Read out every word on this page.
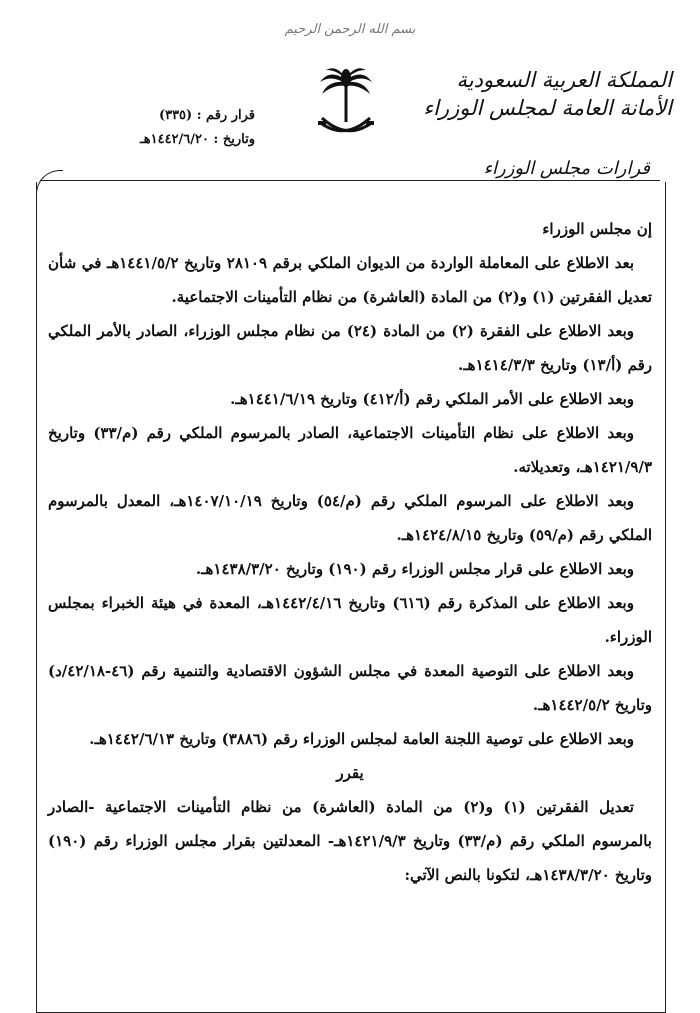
بسم الله الرحمن الرحيم
قرار رقم : (٣٣٥)
وتاريخ : ١٤٤٢/٦/٢٠هـ
المملكة العربية السعودية
الأمانة العامة لمجلس الوزراء
قرارات مجلس الوزراء

إن مجلس الوزراء

بعد الاطلاع على المعاملة الواردة من الديوان الملكي برقم ٢٨١٠٩ وتاريخ ١٤٤١/٥/٢هـ في شأن تعديل الفقرتين (١) و(٢) من المادة (العاشرة) من نظام التأمينات الاجتماعية.

وبعد الاطلاع على الفقرة (٢) من المادة (٢٤) من نظام مجلس الوزراء، الصادر بالأمر الملكي رقم (أ/١٣) وتاريخ ١٤١٤/٣/٣هـ.

وبعد الاطلاع على الأمر الملكي رقم (أ/٤١٢) وتاريخ ١٤٤١/٦/١٩هـ.

وبعد الاطلاع على نظام التأمينات الاجتماعية، الصادر بالمرسوم الملكي رقم (م/٣٣) وتاريخ ١٤٢١/٩/٣هـ، وتعديلاته.

وبعد الاطلاع على المرسوم الملكي رقم (م/٥٤) وتاريخ ١٤٠٧/١٠/١٩هـ، المعدل بالمرسوم الملكي رقم (م/٥٩) وتاريخ ١٤٢٤/٨/١٥هـ.

وبعد الاطلاع على قرار مجلس الوزراء رقم (١٩٠) وتاريخ ١٤٣٨/٣/٢٠هـ.

وبعد الاطلاع على المذكرة رقم (٦١٦) وتاريخ ١٤٤٢/٤/١٦هـ، المعدة في هيئة الخبراء بمجلس الوزراء.

وبعد الاطلاع على التوصية المعدة في مجلس الشؤون الاقتصادية والتنمية رقم (٤٦-٤٢/١٨/د) وتاريخ ١٤٤٢/٥/٢هـ.

وبعد الاطلاع على توصية اللجنة العامة لمجلس الوزراء رقم (٣٨٨٦) وتاريخ ١٤٤٢/٦/١٣هـ.

يقرر

تعديل الفقرتين (١) و(٢) من المادة (العاشرة) من نظام التأمينات الاجتماعية -الصادر بالمرسوم الملكي رقم (م/٣٣) وتاريخ ١٤٢١/٩/٣هـ- المعدلتين بقرار مجلس الوزراء رقم (١٩٠) وتاريخ ١٤٣٨/٣/٢٠هـ، لتكونا بالنص الآتي:
